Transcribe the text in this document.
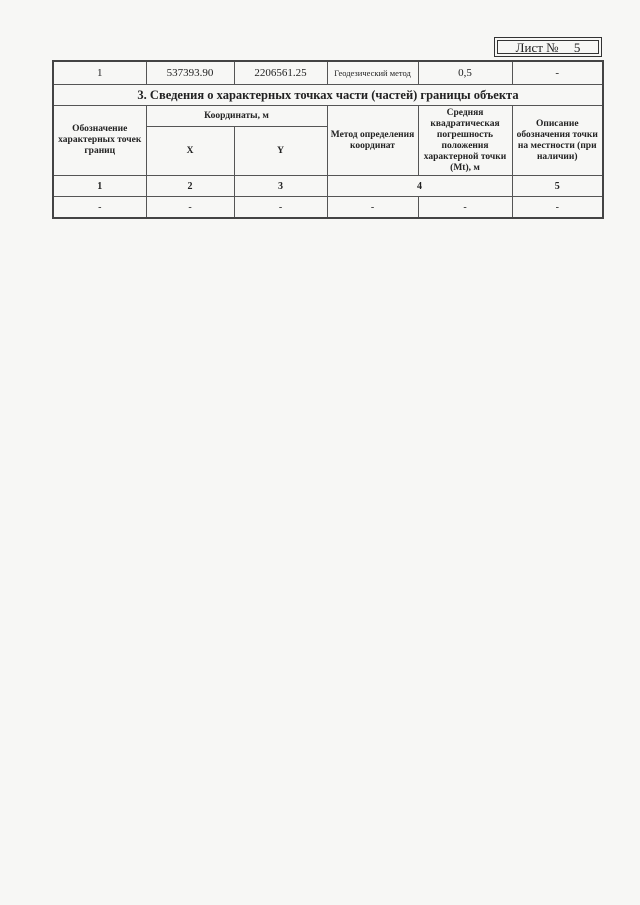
Лист № 5
1	537393.90	2206561.25	Геодезический метод	0,5	-
3. Сведения о характерных точках части (частей) границы объекта					
Обозначение характерных точек границ	Координаты, м		Метод определения координат	Средняя квадратическая погрешность положения характерной точки (Mt), м	Описание обозначения точки на местности (при наличии)
	X	Y			
1	2	3	4		5
-	-	-	-	-	-
